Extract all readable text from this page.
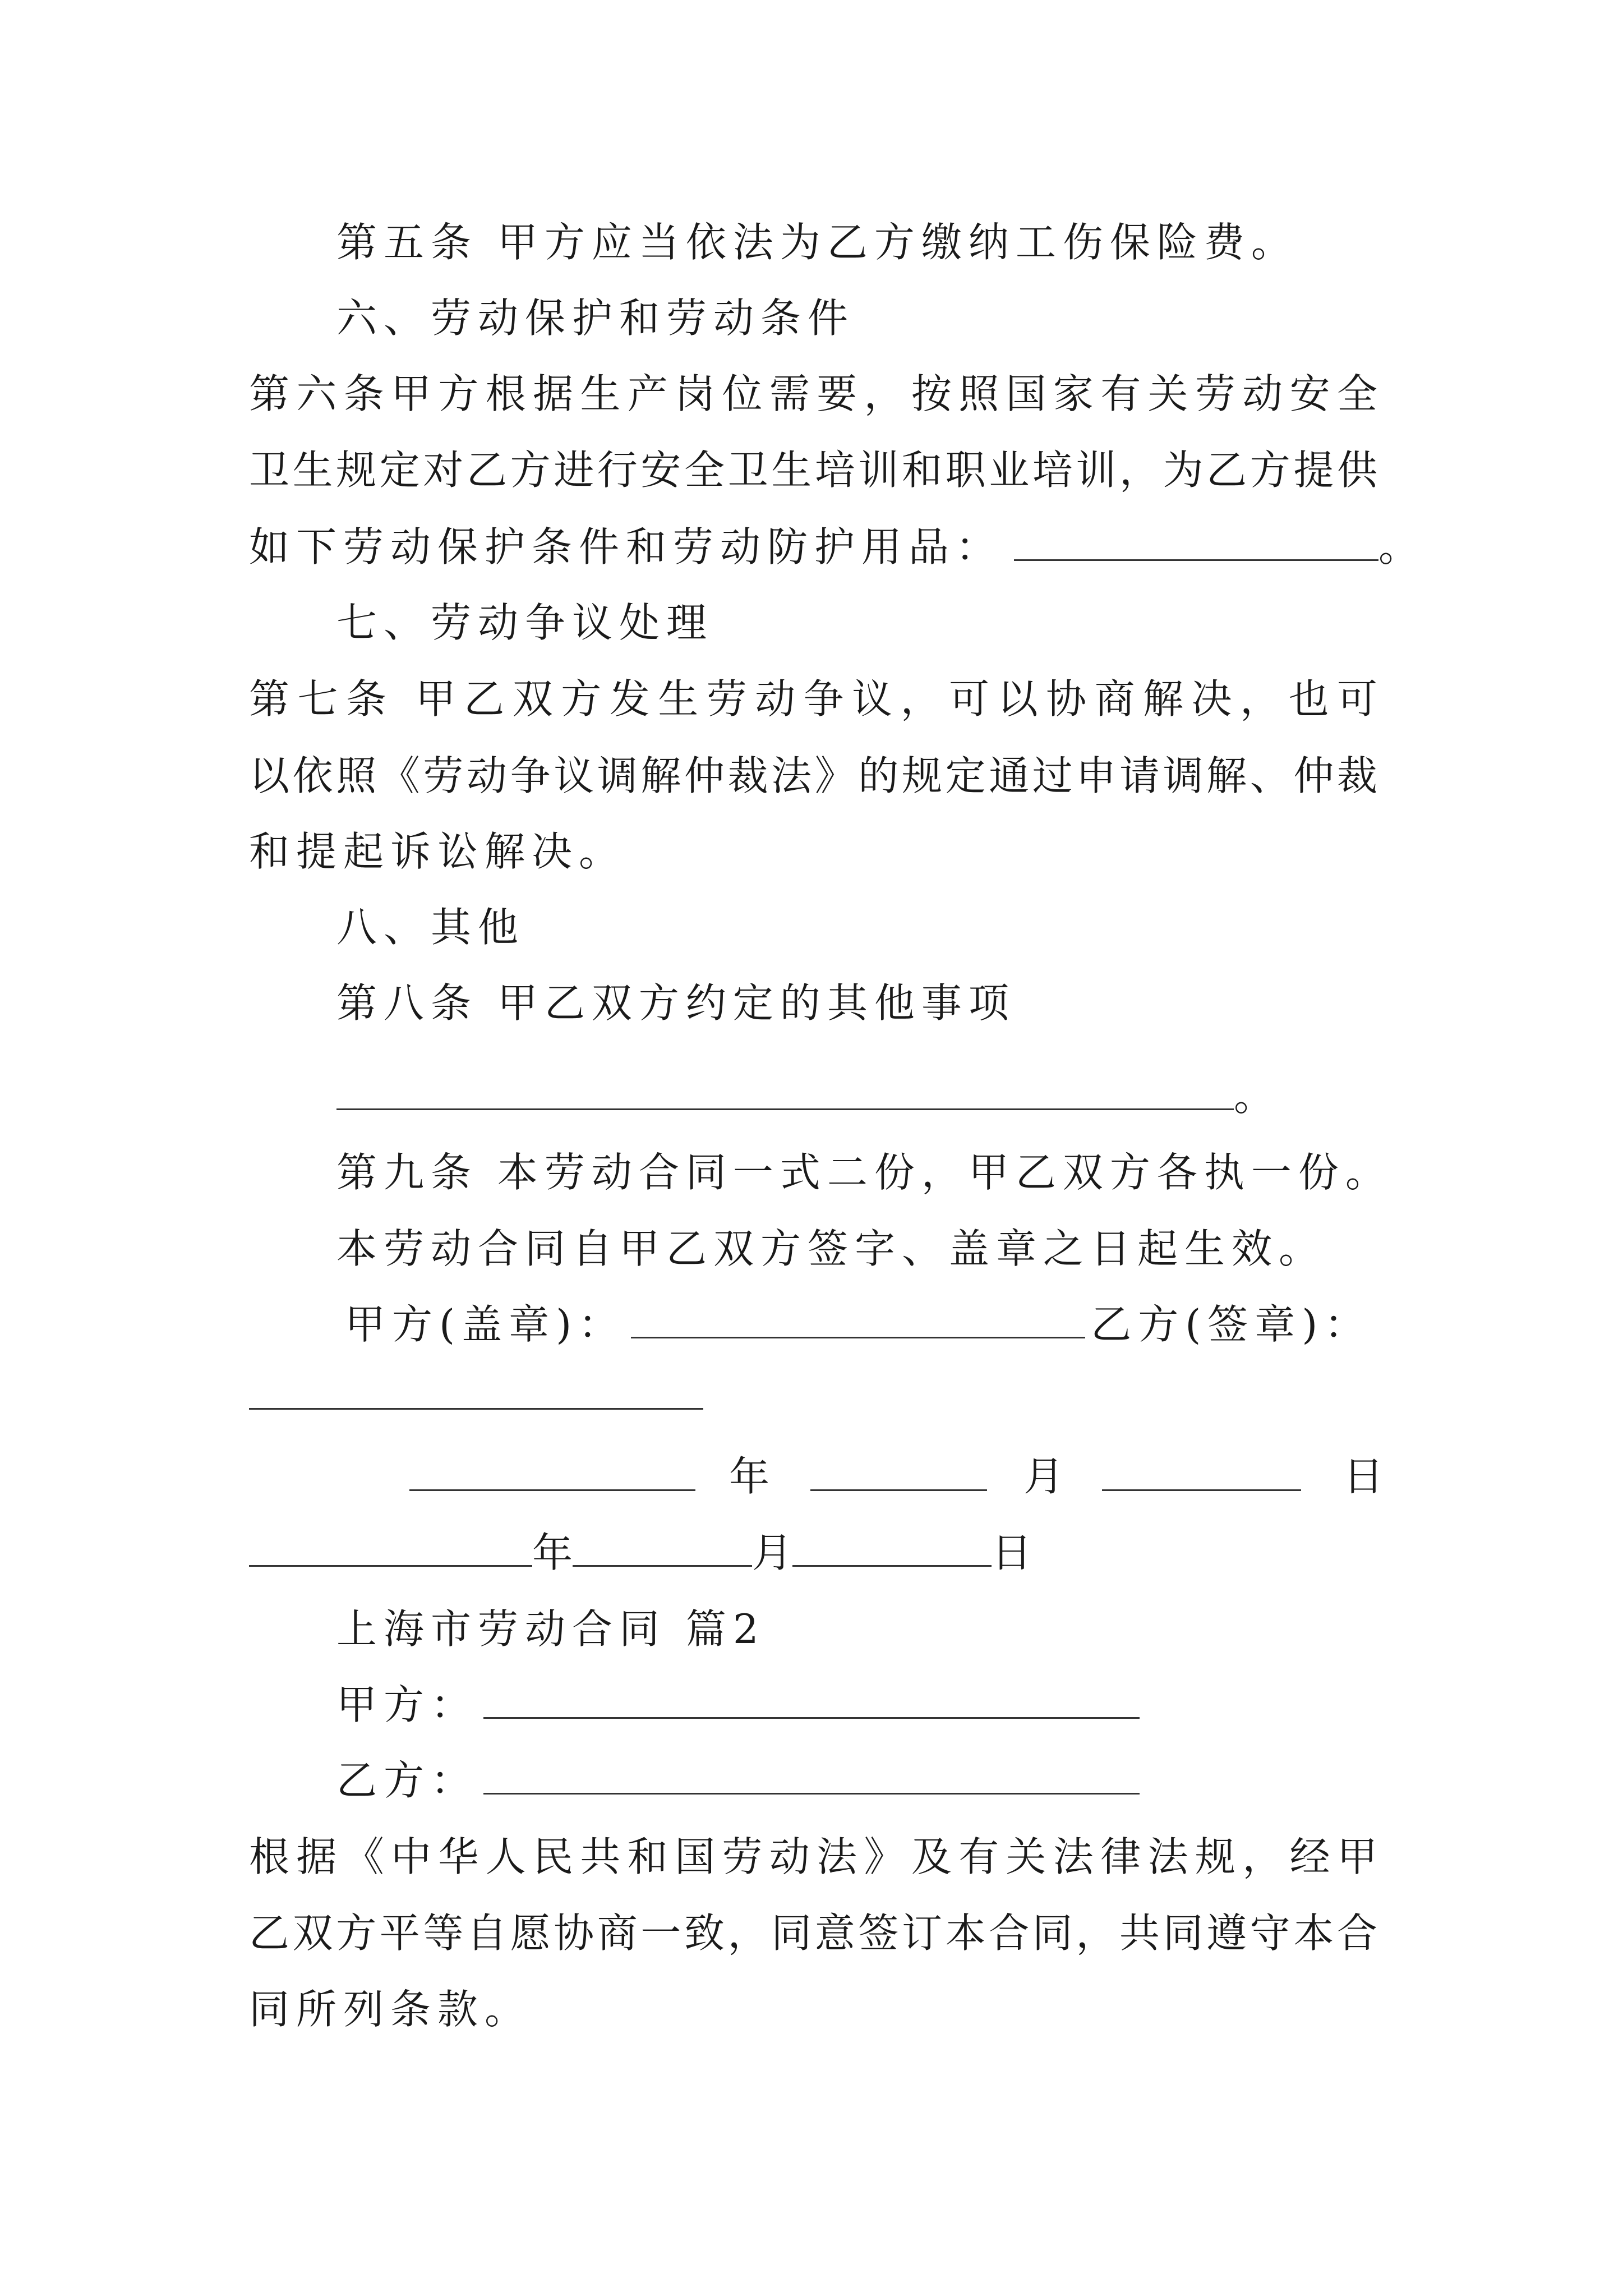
第五条 甲方应当依法为乙方缴纳工伤保险费。
六、劳动保护和劳动条件
第六条甲方根据生产岗位需要，按照国家有关劳动安全
卫生规定对乙方进行安全卫生培训和职业培训，为乙方提供
如下劳动保护条件和劳动防护用品：	。
七、劳动争议处理
第七条 甲乙双方发生劳动争议，可以协商解决，也可
以依照《劳动争议调解仲裁法》的规定通过申请调解、仲裁
和提起诉讼解决。
八、其他
第八条 甲乙双方约定的其他事项
。
第九条 本劳动合同一式二份，甲乙双方各执一份。
本劳动合同自甲乙双方签字、盖章之日起生效。
甲方(盖章)：	乙方(签章)：
年	月	日
年	月	日
上海市劳动合同 篇2
甲方：
乙方：
根据《中华人民共和国劳动法》及有关法律法规，经甲
乙双方平等自愿协商一致，同意签订本合同，共同遵守本合
同所列条款。
